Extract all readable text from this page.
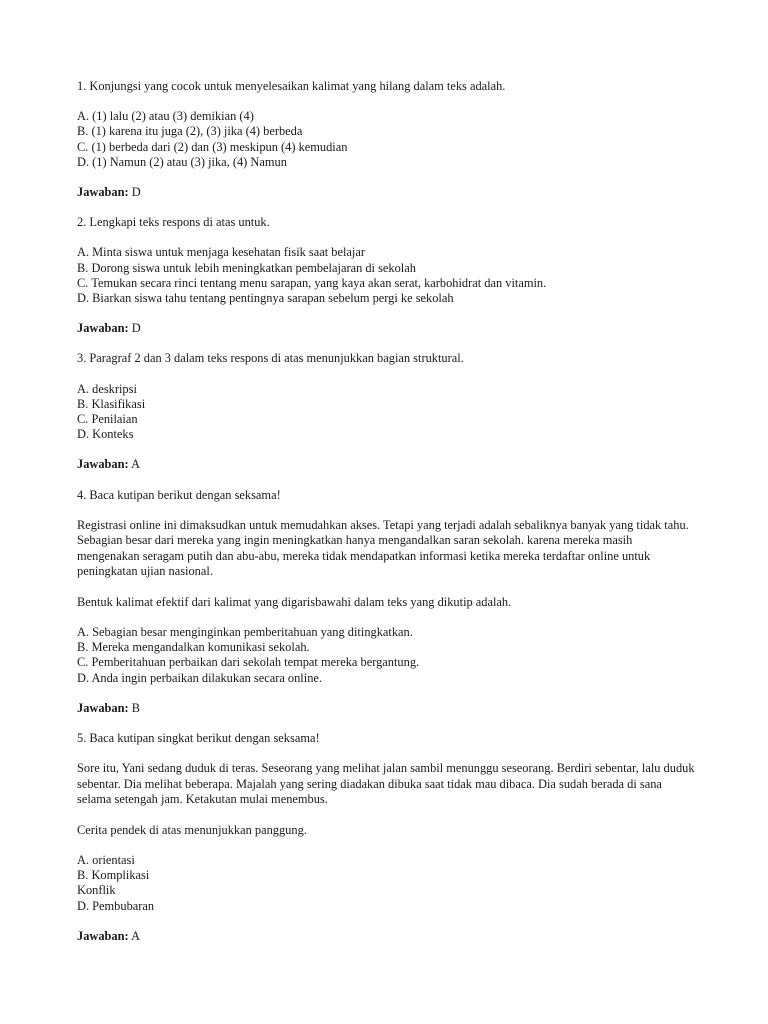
1. Konjungsi yang cocok untuk menyelesaikan kalimat yang hilang dalam teks adalah.
A. (1) lalu (2) atau (3) demikian (4)
B. (1) karena itu juga (2), (3) jika (4) berbeda
C. (1) berbeda dari (2) dan (3) meskipun (4) kemudian
D. (1) Namun (2) atau (3) jika, (4) Namun
Jawaban: D
2. Lengkapi teks respons di atas untuk.
A. Minta siswa untuk menjaga kesehatan fisik saat belajar
B. Dorong siswa untuk lebih meningkatkan pembelajaran di sekolah
C. Temukan secara rinci tentang menu sarapan, yang kaya akan serat, karbohidrat dan vitamin.
D. Biarkan siswa tahu tentang pentingnya sarapan sebelum pergi ke sekolah
Jawaban: D
3. Paragraf 2 dan 3 dalam teks respons di atas menunjukkan bagian struktural.
A. deskripsi
B. Klasifikasi
C. Penilaian
D. Konteks
Jawaban: A
4. Baca kutipan berikut dengan seksama!
Registrasi online ini dimaksudkan untuk memudahkan akses. Tetapi yang terjadi adalah sebaliknya banyak yang tidak tahu. Sebagian besar dari mereka yang ingin meningkatkan hanya mengandalkan saran sekolah. karena mereka masih mengenakan seragam putih dan abu-abu, mereka tidak mendapatkan informasi ketika mereka terdaftar online untuk peningkatan ujian nasional.
Bentuk kalimat efektif dari kalimat yang digarisbawahi dalam teks yang dikutip adalah.
A. Sebagian besar menginginkan pemberitahuan yang ditingkatkan.
B. Mereka mengandalkan komunikasi sekolah.
C. Pemberitahuan perbaikan dari sekolah tempat mereka bergantung.
D. Anda ingin perbaikan dilakukan secara online.
Jawaban: B
5. Baca kutipan singkat berikut dengan seksama!
Sore itu, Yani sedang duduk di teras. Seseorang yang melihat jalan sambil menunggu seseorang. Berdiri sebentar, lalu duduk sebentar. Dia melihat beberapa. Majalah yang sering diadakan dibuka saat tidak mau dibaca. Dia sudah berada di sana selama setengah jam. Ketakutan mulai menembus.
Cerita pendek di atas menunjukkan panggung.
A. orientasi
B. Komplikasi
Konflik
D. Pembubaran
Jawaban: A
